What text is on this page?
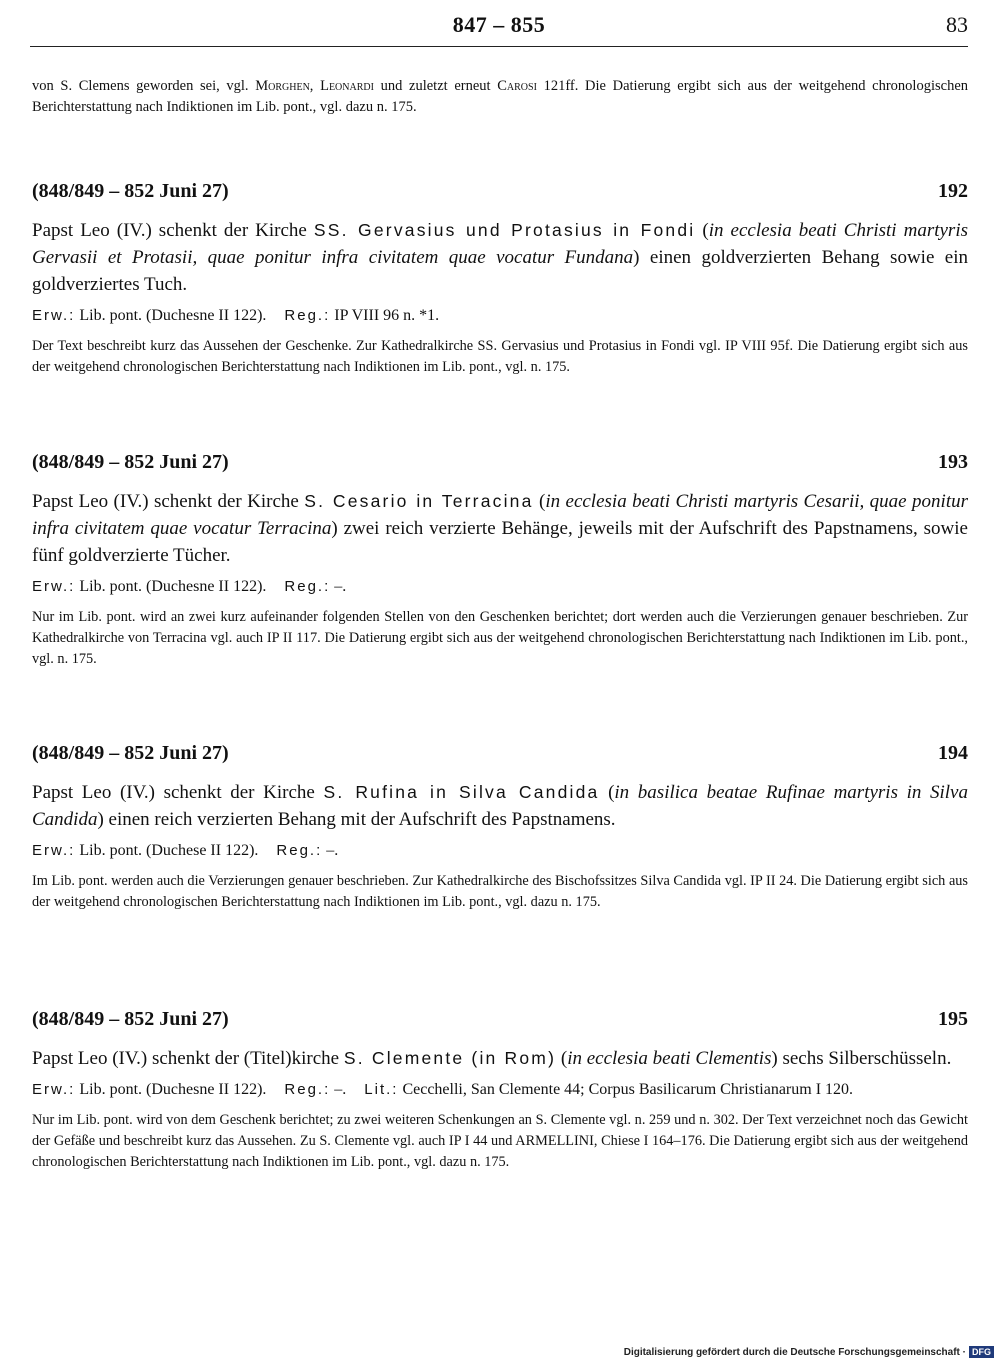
847 – 855	83
von S. Clemens geworden sei, vgl. Morghen, Leonardi und zuletzt erneut Carosi 121ff. Die Datierung ergibt sich aus der weitgehend chronologischen Berichterstattung nach Indiktionen im Lib. pont., vgl. dazu n. 175.
(848/849 – 852 Juni 27)	192
Papst Leo (IV.) schenkt der Kirche SS. Gervasius und Protasius in Fondi (in ecclesia beati Christi martyris Gervasii et Protasii, quae ponitur infra civitatem quae vocatur Fundana) einen goldverzierten Behang sowie ein goldverziertes Tuch.
Erw.: Lib. pont. (Duchesne II 122). Reg.: IP VIII 96 n. *1.
Der Text beschreibt kurz das Aussehen der Geschenke. Zur Kathedralkirche SS. Gervasius und Protasius in Fondi vgl. IP VIII 95f. Die Datierung ergibt sich aus der weitgehend chronologischen Berichterstattung nach Indiktionen im Lib. pont., vgl. n. 175.
(848/849 – 852 Juni 27)	193
Papst Leo (IV.) schenkt der Kirche S. Cesario in Terracina (in ecclesia beati Christi martyris Cesarii, quae ponitur infra civitatem quae vocatur Terracina) zwei reich verzierte Behänge, jeweils mit der Aufschrift des Papstnamens, sowie fünf goldverzierte Tücher.
Erw.: Lib. pont. (Duchesne II 122). Reg.: –.
Nur im Lib. pont. wird an zwei kurz aufeinander folgenden Stellen von den Geschenken berichtet; dort werden auch die Verzierungen genauer beschrieben. Zur Kathedralkirche von Terracina vgl. auch IP II 117. Die Datierung ergibt sich aus der weitgehend chronologischen Berichterstattung nach Indiktionen im Lib. pont., vgl. n. 175.
(848/849 – 852 Juni 27)	194
Papst Leo (IV.) schenkt der Kirche S. Rufina in Silva Candida (in basilica beatae Rufinae martyris in Silva Candida) einen reich verzierten Behang mit der Aufschrift des Papstnamens.
Erw.: Lib. pont. (Duchese II 122). Reg.: –.
Im Lib. pont. werden auch die Verzierungen genauer beschrieben. Zur Kathedralkirche des Bischofssitzes Silva Candida vgl. IP II 24. Die Datierung ergibt sich aus der weitgehend chronologischen Berichterstattung nach Indiktionen im Lib. pont., vgl. dazu n. 175.
(848/849 – 852 Juni 27)	195
Papst Leo (IV.) schenkt der (Titel)kirche S. Clemente (in Rom) (in ecclesia beati Clementis) sechs Silberschüsseln.
Erw.: Lib. pont. (Duchesne II 122). Reg.: –. Lit.: Cecchelli, San Clemente 44; Corpus Basilicarum Christianarum I 120.
Nur im Lib. pont. wird von dem Geschenk berichtet; zu zwei weiteren Schenkungen an S. Clemente vgl. n. 259 und n. 302. Der Text verzeichnet noch das Gewicht der Gefäße und beschreibt kurz das Aussehen. Zu S. Clemente vgl. auch IP I 44 und ARMELLINI, Chiese I 164–176. Die Datierung ergibt sich aus der weitgehend chronologischen Berichterstattung nach Indiktionen im Lib. pont., vgl. dazu n. 175.
Digitalisierung gefördert durch die Deutsche Forschungsgemeinschaft · DFG
